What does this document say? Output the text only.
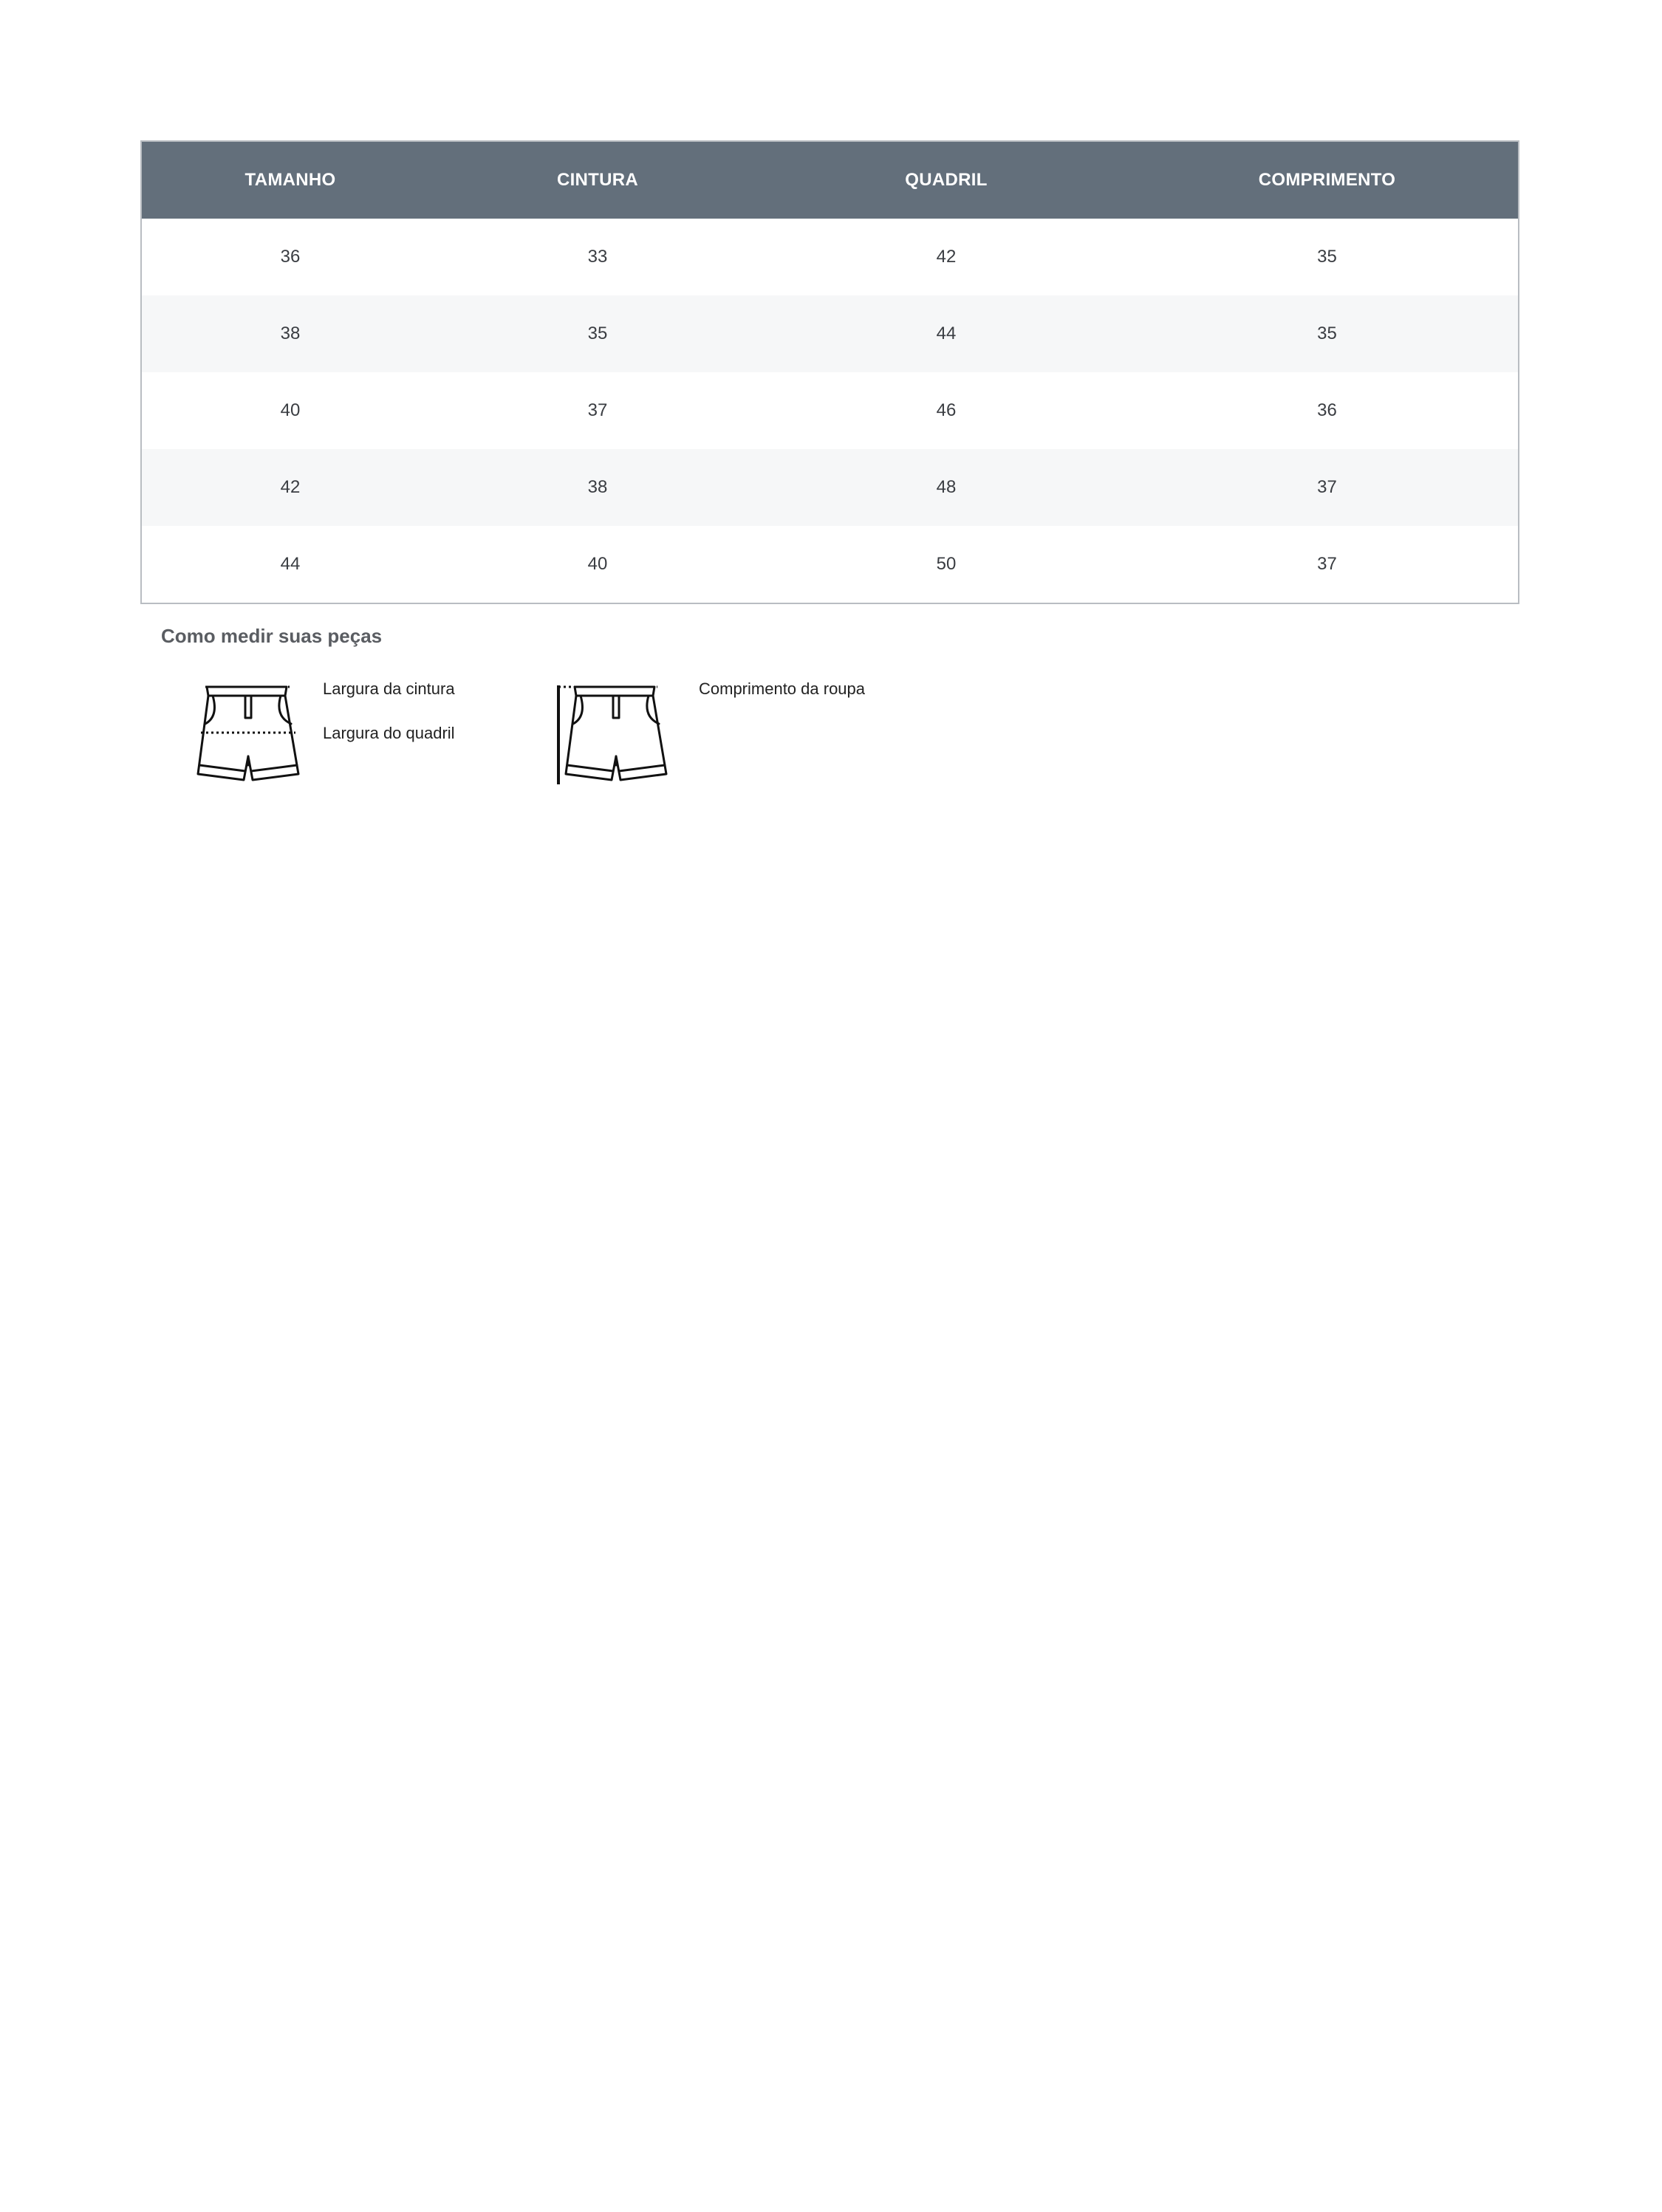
TAMANHO	CINTURA	QUADRIL	COMPRIMENTO
36	33	42	35
38	35	44	35
40	37	46	36
42	38	48	37
44	40	50	37
Como medir suas peças
Largura da cintura
Largura do quadril
Comprimento da roupa
